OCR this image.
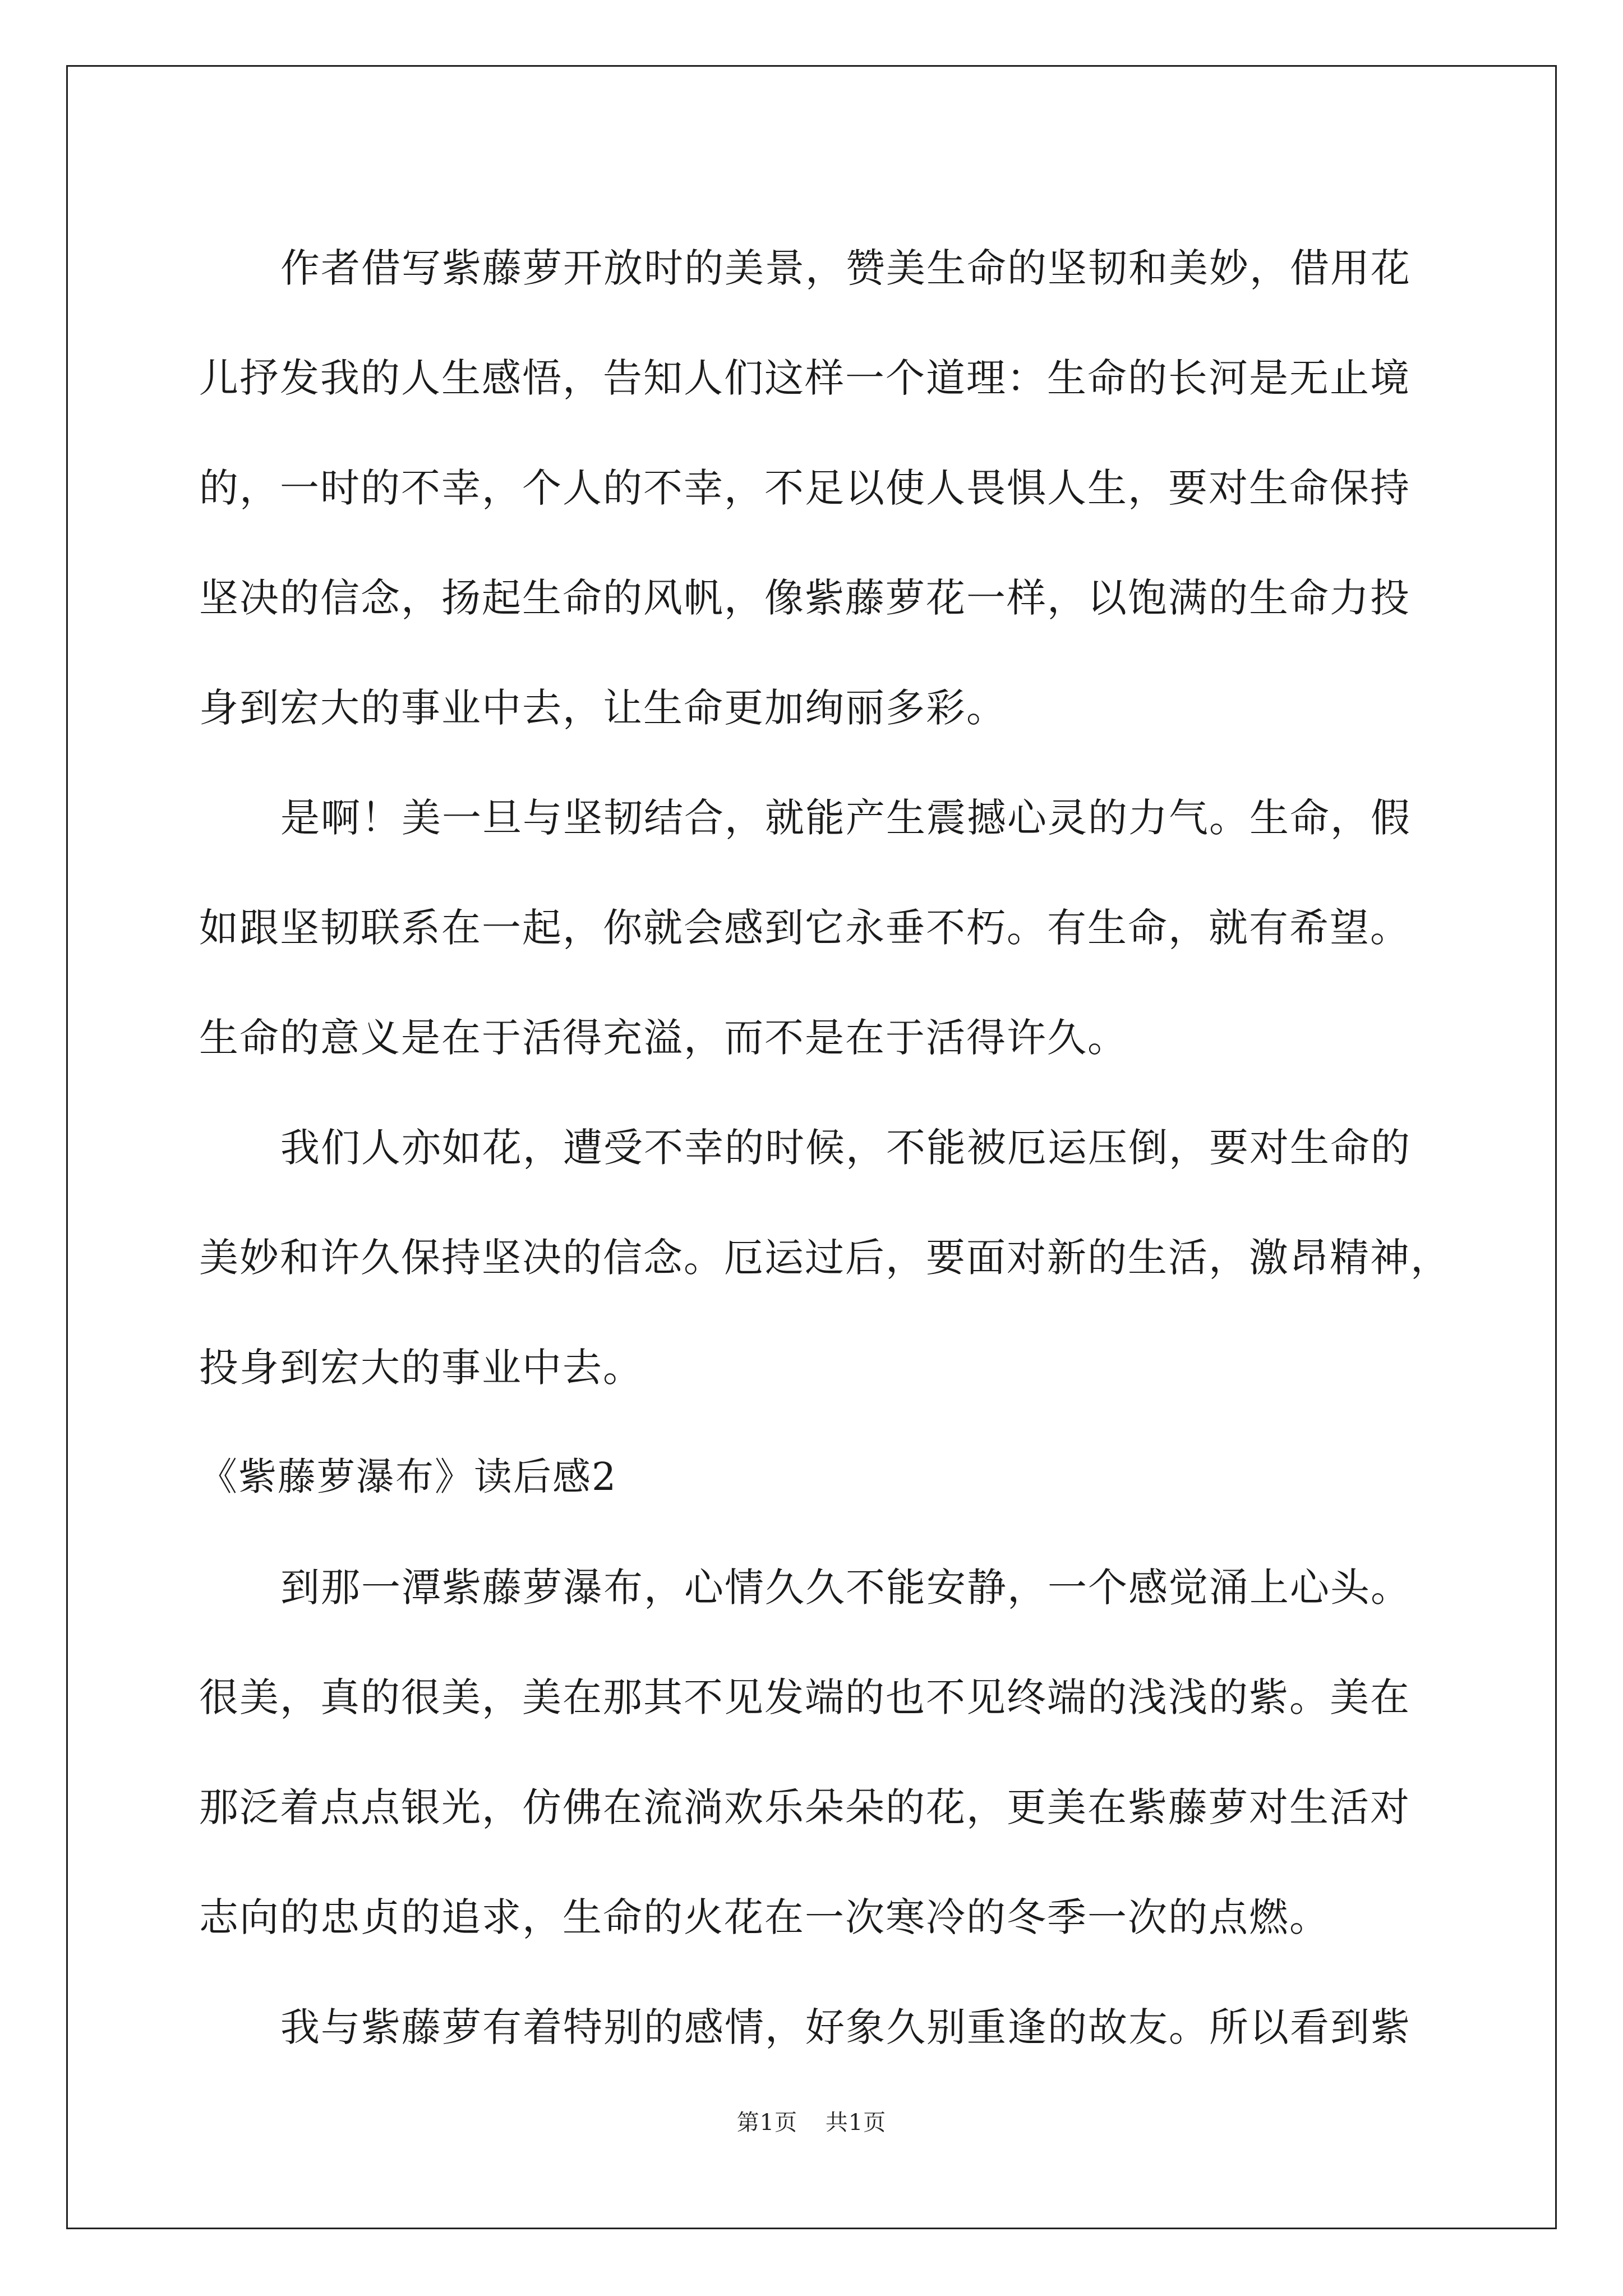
作者借写紫藤萝开放时的美景，赞美生命的坚韧和美妙，借用花
儿抒发我的人生感悟，告知人们这样一个道理：生命的长河是无止境
的，一时的不幸，个人的不幸，不足以使人畏惧人生，要对生命保持
坚决的信念，扬起生命的风帆，像紫藤萝花一样，以饱满的生命力投
身到宏大的事业中去，让生命更加绚丽多彩。
是啊！美一旦与坚韧结合，就能产生震撼心灵的力气。生命，假
如跟坚韧联系在一起，你就会感到它永垂不朽。有生命，就有希望。
生命的意义是在于活得充溢，而不是在于活得许久。
我们人亦如花，遭受不幸的时候，不能被厄运压倒，要对生命的
美妙和许久保持坚决的信念。厄运过后，要面对新的生活，激昂精神，
投身到宏大的事业中去。
《紫藤萝瀑布》读后感2
到那一潭紫藤萝瀑布，心情久久不能安静，一个感觉涌上心头。
很美，真的很美，美在那其不见发端的也不见终端的浅浅的紫。美在
那泛着点点银光，仿佛在流淌欢乐朵朵的花，更美在紫藤萝对生活对
志向的忠贞的追求，生命的火花在一次寒冷的冬季一次的点燃。
我与紫藤萝有着特别的感情，好象久别重逢的故友。所以看到紫
第1页 共1页
